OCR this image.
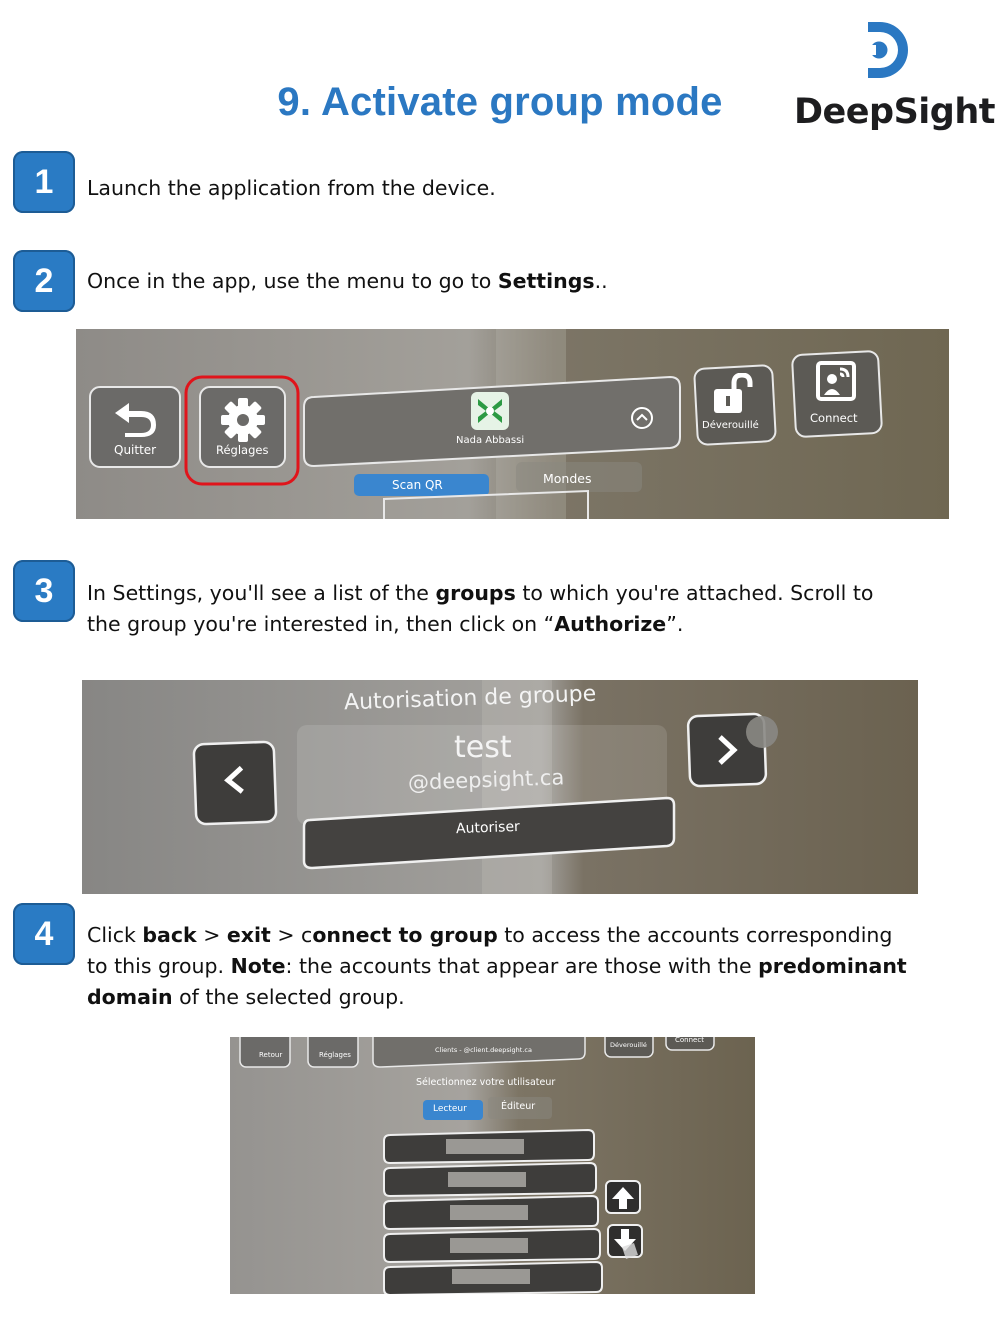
9. Activate group mode	DeepSight
1	Launch the application from the device.
2	Once in the app, use the menu to go to Settings..
Quitter	Réglages
Nada Abbassi
Déverouillé
Connect
Scan QR	Mondes
3	In Settings, you'll see a list of the groups to which you're attached. Scroll to the group you're interested in, then click on “Authorize”.
Autorisation de groupe
test
@deepsight.ca
Autoriser
4	Click back > exit > connect to group to access the accounts corresponding to this group. Note: the accounts that appear are those with the predominant domain of the selected group.
Retour	Réglages
Clients - @client.deepsight.ca
Déverouillé
Connect
Sélectionnez votre utilisateur
Lecteur	Éditeur
